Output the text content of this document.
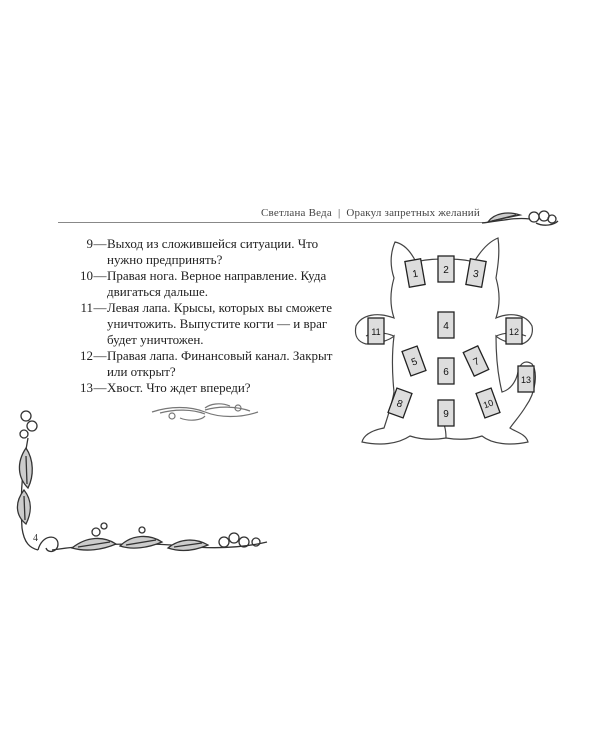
Светлана Веда | Оракул запретных желаний
9—Выход из сложившейся ситуации. Что нужно предпринять?
10—Правая нога. Верное направление. Куда двигаться дальше.
11—Левая лапа. Крысы, которых вы сможете уничтожить. Выпустите когти — и враг будет уничтожен.
12—Правая лапа. Финансовый канал. Закрыт или открыт?
13—Хвост. Что ждет впереди?
4
1 2 3
4
5
6
7
8
9
10
11	12
13
